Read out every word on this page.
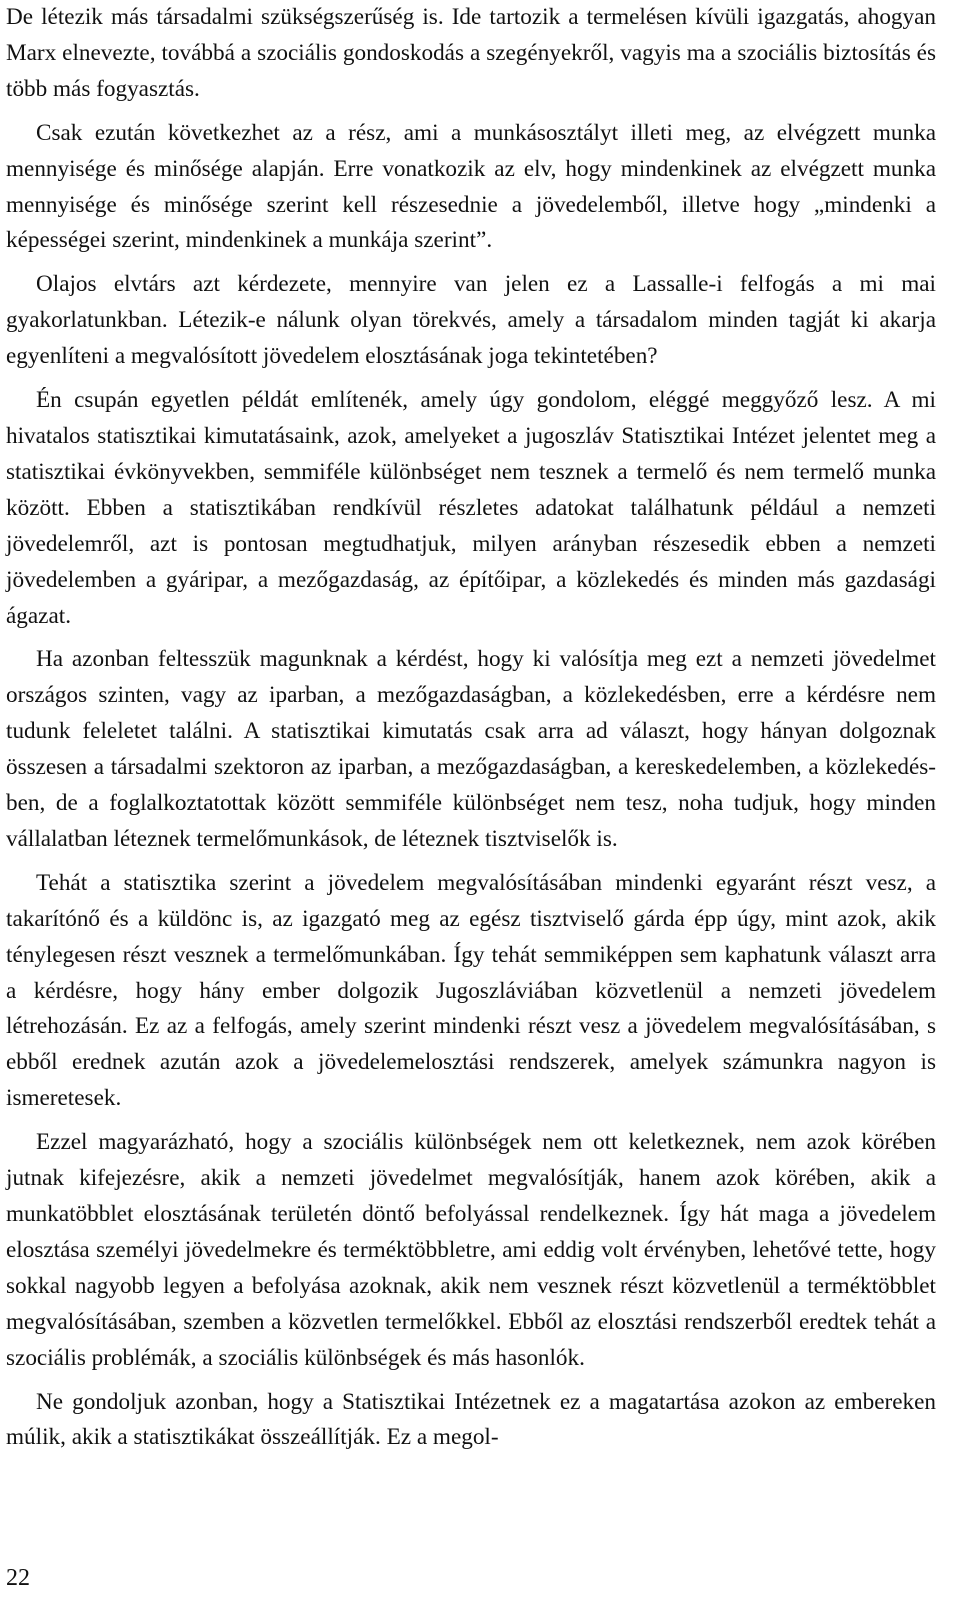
De létezik más társadalmi szükségszerűség is. Ide tartozik a termelésen kívüli igazgatás, ahogyan Marx elnevezte, továbbá a szociális gondoskodás a szegényekről, vagyis ma a szociális biztosítás és több más fogyasztás.

Csak ezután következhet az a rész, ami a munkásosztályt illeti meg, az elvégzett munka mennyisége és minősége alapján. Erre vonatkozik az elv, hogy mindenkinek az elvégzett munka mennyisége és minősége szerint kell részesednie a jövedelemből, illetve hogy „mindenki a képességei szerint, mindenkinek a munkája szerint”.

Olajos elvtárs azt kérdezete, mennyire van jelen ez a Lassalle-i felfogás a mi mai gyakorlatunkban. Létezik-e nálunk olyan törekvés, amely a társadalom minden tagját ki akarja egyenlíteni a megvalósított jövedelem elosztásának joga tekintetében?

Én csupán egyetlen példát említenék, amely úgy gondolom, eléggé meggyőző lesz. A mi hivatalos statisztikai kimutatásaink, azok, amelyeket a jugoszláv Statisztikai Intézet jelentet meg a statisztikai évkönyvekben, semmiféle különbséget nem tesznek a termelő és nem termelő munka között. Ebben a statisztikában rendkívül részletes adatokat találhatunk például a nemzeti jövedelemről, azt is pontosan megtudhatjuk, milyen arányban részesedik ebben a nemzeti jövedelemben a gyáripar, a mezőgazdaság, az építőipar, a közlekedés és minden más gazdasági ágazat.

Ha azonban feltesszük magunknak a kérdést, hogy ki valósítja meg ezt a nemzeti jövedelmet országos szinten, vagy az iparban, a mezőgazdaságban, a közlekedésben, erre a kérdésre nem tudunk feleletet találni. A statisztikai kimutatás csak arra ad választ, hogy hányan dolgoznak összesen a társadalmi szektoron az iparban, a mezőgazdaságban, a kereskedelemben, a közlekedésben, de a foglalkoztatottak között semmiféle különbséget nem tesz, noha tudjuk, hogy minden vállalatban léteznek termelőmunkások, de léteznek tisztviselők is.

Tehát a statisztika szerint a jövedelem megvalósításában mindenki egyaránt részt vesz, a takarítónő és a küldönc is, az igazgató meg az egész tisztviselő gárda épp úgy, mint azok, akik ténylegesen részt vesznek a termelőmunkában. Így tehát semmiképpen sem kaphatunk választ arra a kérdésre, hogy hány ember dolgozik Jugoszláviában közvetlenül a nemzeti jövedelem létrehozásán. Ez az a felfogás, amely szerint mindenki részt vesz a jövedelem megvalósításában, s ebből erednek azután azok a jövedelemelosztási rendszerek, amelyek számunkra nagyon is ismeretesek.

Ezzel magyarázható, hogy a szociális különbségek nem ott keletkeznek, nem azok körében jutnak kifejezésre, akik a nemzeti jövedelmet megvalósítják, hanem azok körében, akik a munkatöbblet elosztásának területén döntő befolyással rendelkeznek. Így hát maga a jövedelem elosztása személyi jövedelmekre és terméktöbbletre, ami eddig volt érvényben, lehetővé tette, hogy sokkal nagyobb legyen a befolyása azoknak, akik nem vesznek részt közvetlenül a terméktöbblet megvalósításában, szemben a közvetlen termelőkkel. Ebből az elosztási rendszerből eredtek tehát a szociális problémák, a szociális különbségek és más hasonlók.

Ne gondoljuk azonban, hogy a Statisztikai Intézetnek ez a magatartása azokon az embereken múlik, akik a statisztikákat összeállítják. Ez a megol-

22
